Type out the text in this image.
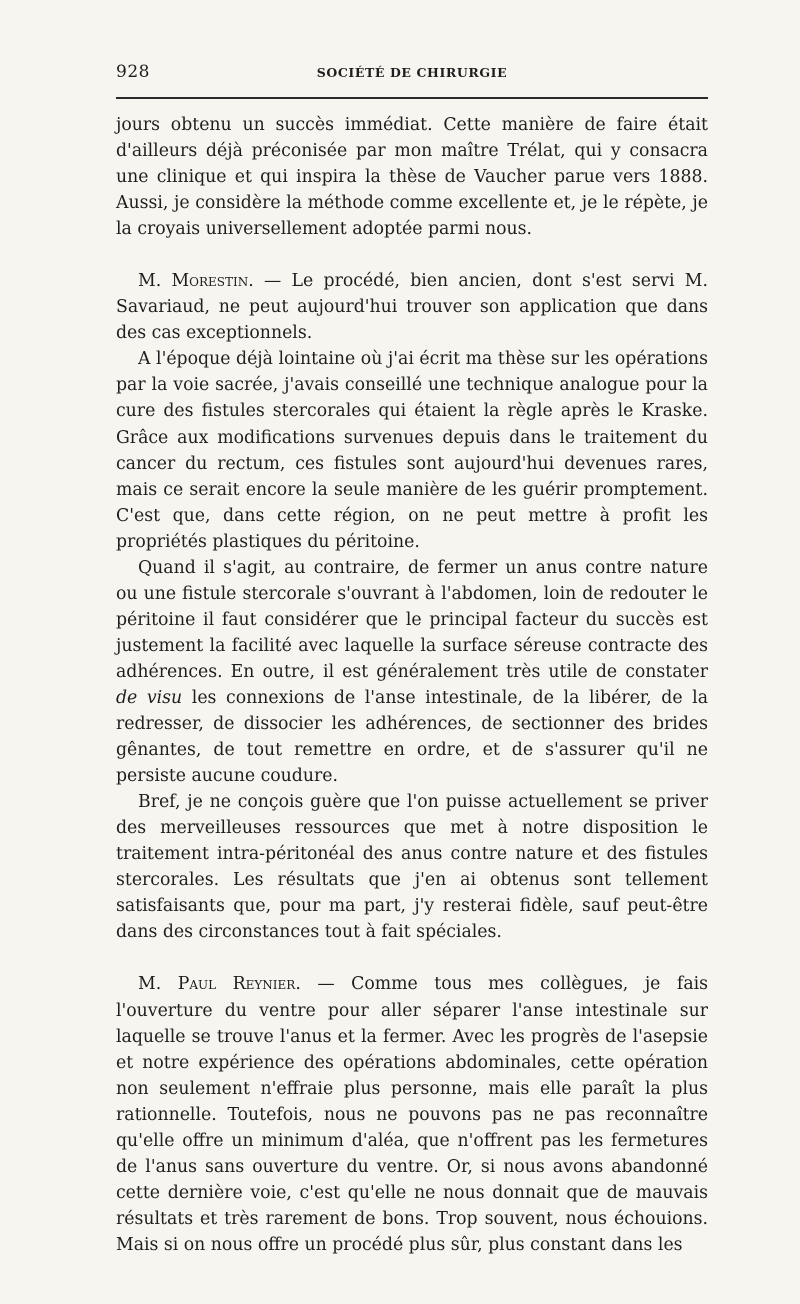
928	SOCIÉTÉ DE CHIRURGIE

jours obtenu un succès immédiat. Cette manière de faire était d'ailleurs déjà préconisée par mon maître Trélat, qui y consacra une clinique et qui inspira la thèse de Vaucher parue vers 1888. Aussi, je considère la méthode comme excellente et, je le répète, je la croyais universellement adoptée parmi nous.

M. Morestin. — Le procédé, bien ancien, dont s'est servi M. Savariaud, ne peut aujourd'hui trouver son application que dans des cas exceptionnels.

A l'époque déjà lointaine où j'ai écrit ma thèse sur les opérations par la voie sacrée, j'avais conseillé une technique analogue pour la cure des fistules stercorales qui étaient la règle après le Kraske. Grâce aux modifications survenues depuis dans le traitement du cancer du rectum, ces fistules sont aujourd'hui devenues rares, mais ce serait encore la seule manière de les guérir promptement. C'est que, dans cette région, on ne peut mettre à profit les propriétés plastiques du péritoine.

Quand il s'agit, au contraire, de fermer un anus contre nature ou une fistule stercorale s'ouvrant à l'abdomen, loin de redouter le péritoine il faut considérer que le principal facteur du succès est justement la facilité avec laquelle la surface séreuse contracte des adhérences. En outre, il est généralement très utile de constater de visu les connexions de l'anse intestinale, de la libérer, de la redresser, de dissocier les adhérences, de sectionner des brides gênantes, de tout remettre en ordre, et de s'assurer qu'il ne persiste aucune coudure.

Bref, je ne conçois guère que l'on puisse actuellement se priver des merveilleuses ressources que met à notre disposition le traitement intra-péritonéal des anus contre nature et des fistules stercorales. Les résultats que j'en ai obtenus sont tellement satisfaisants que, pour ma part, j'y resterai fidèle, sauf peut-être dans des circonstances tout à fait spéciales.

M. Paul Reynier. — Comme tous mes collègues, je fais l'ouverture du ventre pour aller séparer l'anse intestinale sur laquelle se trouve l'anus et la fermer. Avec les progrès de l'asepsie et notre expérience des opérations abdominales, cette opération non seulement n'effraie plus personne, mais elle paraît la plus rationnelle. Toutefois, nous ne pouvons pas ne pas reconnaître qu'elle offre un minimum d'aléa, que n'offrent pas les fermetures de l'anus sans ouverture du ventre. Or, si nous avons abandonné cette dernière voie, c'est qu'elle ne nous donnait que de mauvais résultats et très rarement de bons. Trop souvent, nous échouions. Mais si on nous offre un procédé plus sûr, plus constant dans les
